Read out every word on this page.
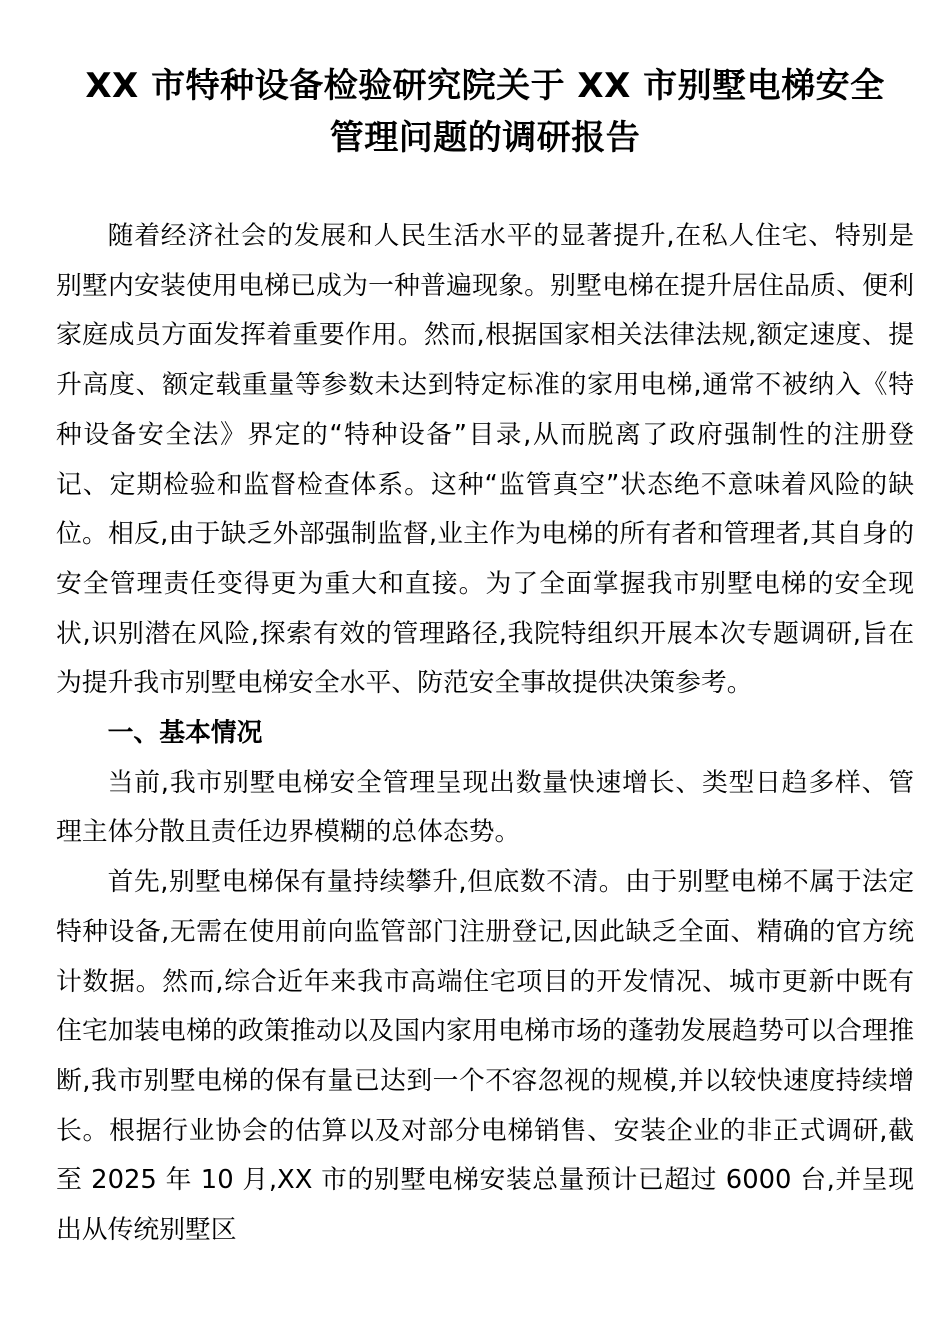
XX 市特种设备检验研究院关于 XX 市别墅电梯安全管理问题的调研报告

随着经济社会的发展和人民生活水平的显著提升,在私人住宅、特别是别墅内安装使用电梯已成为一种普遍现象。别墅电梯在提升居住品质、便利家庭成员方面发挥着重要作用。然而,根据国家相关法律法规,额定速度、提升高度、额定载重量等参数未达到特定标准的家用电梯,通常不被纳入《特种设备安全法》界定的“特种设备”目录,从而脱离了政府强制性的注册登记、定期检验和监督检查体系。这种“监管真空”状态绝不意味着风险的缺位。相反,由于缺乏外部强制监督,业主作为电梯的所有者和管理者,其自身的安全管理责任变得更为重大和直接。为了全面掌握我市别墅电梯的安全现状,识别潜在风险,探索有效的管理路径,我院特组织开展本次专题调研,旨在为提升我市别墅电梯安全水平、防范安全事故提供决策参考。

一、基本情况

当前,我市别墅电梯安全管理呈现出数量快速增长、类型日趋多样、管理主体分散且责任边界模糊的总体态势。

首先,别墅电梯保有量持续攀升,但底数不清。由于别墅电梯不属于法定特种设备,无需在使用前向监管部门注册登记,因此缺乏全面、精确的官方统计数据。然而,综合近年来我市高端住宅项目的开发情况、城市更新中既有住宅加装电梯的政策推动以及国内家用电梯市场的蓬勃发展趋势可以合理推断,我市别墅电梯的保有量已达到一个不容忽视的规模,并以较快速度持续增长。根据行业协会的估算以及对部分电梯销售、安装企业的非正式调研,截至 2025 年 10 月,XX 市的别墅电梯安装总量预计已超过 6000 台,并呈现出从传统别墅区
